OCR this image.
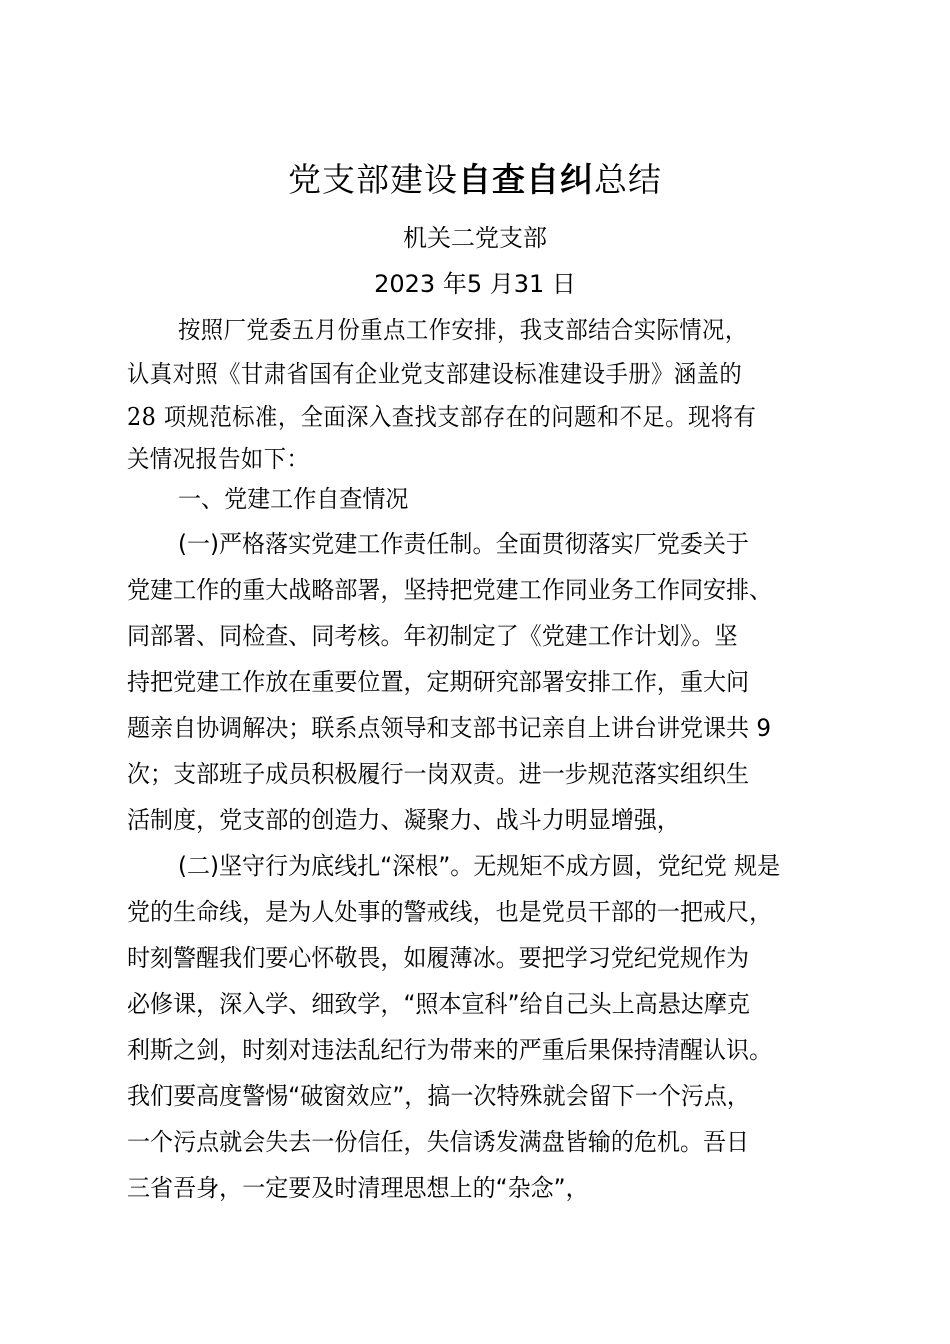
党支部建设自查自纠总结
机关二党支部
2023 年5 月31 日
按照厂党委五月份重点工作安排，我支部结合实际情况，
认真对照《甘肃省国有企业党支部建设标准建设手册》涵盖的
28 项规范标准，全面深入查找支部存在的问题和不足。现将有
关情况报告如下：
一、党建工作自查情况
(一)严格落实党建工作责任制。全面贯彻落实厂党委关于
党建工作的重大战略部署，坚持把党建工作同业务工作同安排、
同部署、同检查、同考核。年初制定了《党建工作计划》。坚
持把党建工作放在重要位置，定期研究部署安排工作，重大问
题亲自协调解决；联系点领导和支部书记亲自上讲台讲党课共 9
次；支部班子成员积极履行一岗双责。进一步规范落实组织生
活制度，党支部的创造力、凝聚力、战斗力明显增强，
(二)坚守行为底线扎“深根”。无规矩不成方圆，党纪党 规是
党的生命线，是为人处事的警戒线，也是党员干部的一把戒尺，
时刻警醒我们要心怀敬畏，如履薄冰。要把学习党纪党规作为
必修课，深入学、细致学，“照本宣科”给自己头上高悬达摩克
利斯之剑，时刻对违法乱纪行为带来的严重后果保持清醒认识。
我们要高度警惕“破窗效应”，搞一次特殊就会留下一个污点，
一个污点就会失去一份信任，失信诱发满盘皆输的危机。吾日
三省吾身，一定要及时清理思想上的“杂念”，
